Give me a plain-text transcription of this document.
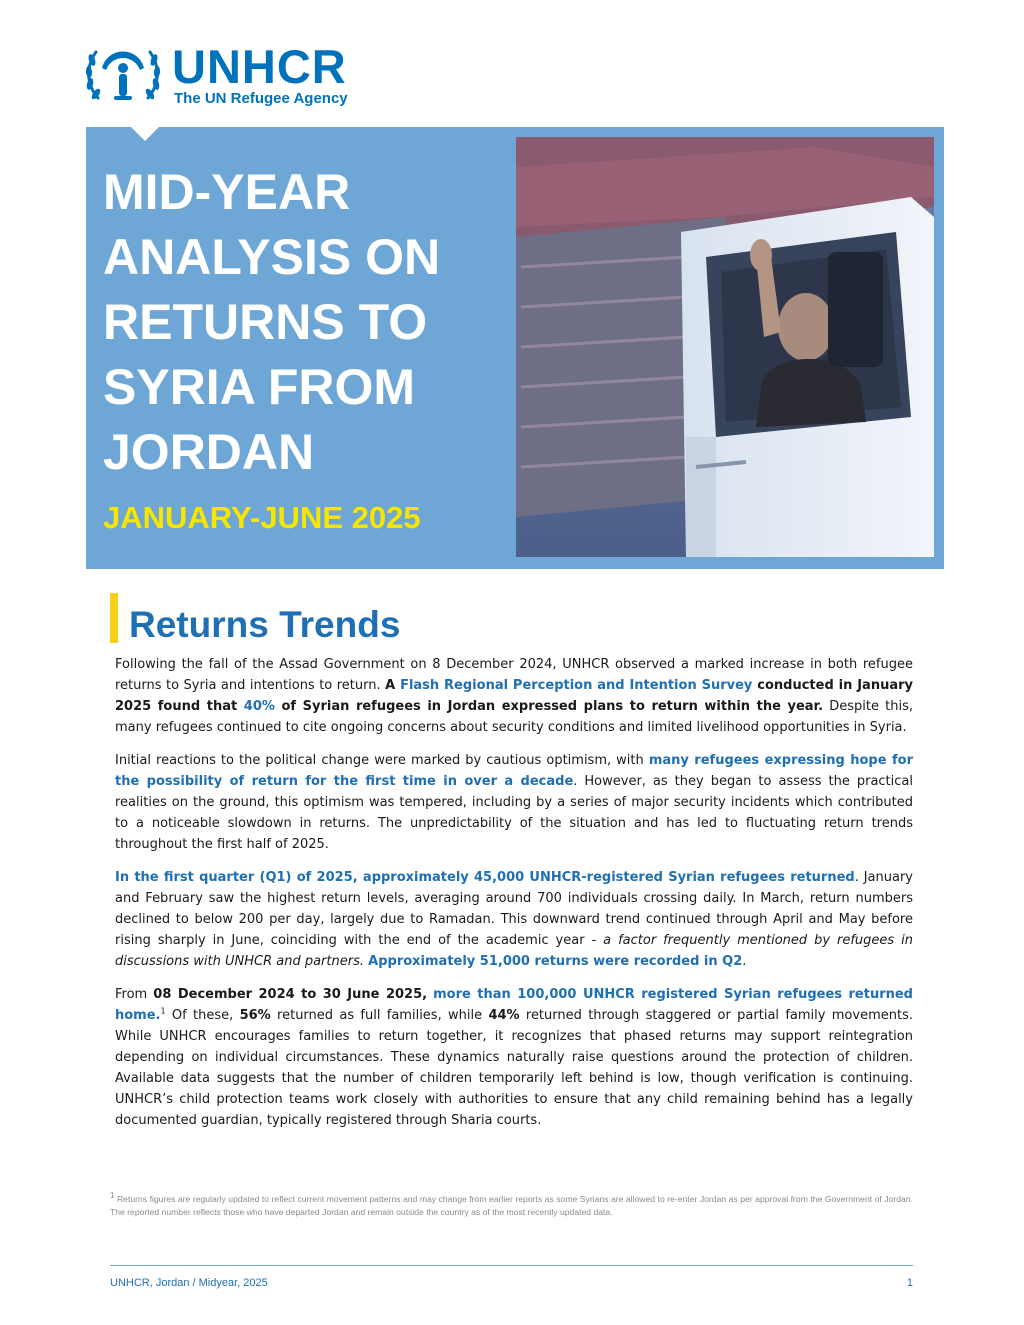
UNHCR
The UN Refugee Agency
MID-YEAR
ANALYSIS ON
RETURNS TO
SYRIA FROM
JORDAN
JANUARY-JUNE 2025
Returns Trends

Following the fall of the Assad Government on 8 December 2024, UNHCR observed a marked increase in both refugee returns to Syria and intentions to return. A Flash Regional Perception and Intention Survey conducted in January 2025 found that 40% of Syrian refugees in Jordan expressed plans to return within the year. Despite this, many refugees continued to cite ongoing concerns about security conditions and limited livelihood opportunities in Syria.

Initial reactions to the political change were marked by cautious optimism, with many refugees expressing hope for the possibility of return for the first time in over a decade. However, as they began to assess the practical realities on the ground, this optimism was tempered, including by a series of major security incidents which contributed to a noticeable slowdown in returns. The unpredictability of the situation and has led to fluctuating return trends throughout the first half of 2025.

In the first quarter (Q1) of 2025, approximately 45,000 UNHCR-registered Syrian refugees returned. January and February saw the highest return levels, averaging around 700 individuals crossing daily. In March, return numbers declined to below 200 per day, largely due to Ramadan. This downward trend continued through April and May before rising sharply in June, coinciding with the end of the academic year - a factor frequently mentioned by refugees in discussions with UNHCR and partners. Approximately 51,000 returns were recorded in Q2.

From 08 December 2024 to 30 June 2025, more than 100,000 UNHCR registered Syrian refugees returned home.$^1$ Of these, 56% returned as full families, while 44% returned through staggered or partial family movements. While UNHCR encourages families to return together, it recognizes that phased returns may support reintegration depending on individual circumstances. These dynamics naturally raise questions around the protection of children. Available data suggests that the number of children temporarily left behind is low, though verification is continuing. UNHCR’s child protection teams work closely with authorities to ensure that any child remaining behind has a legally documented guardian, typically registered through Sharia courts.

$^1$ Returns figures are regularly updated to reflect current movement patterns and may change from earlier reports as some Syrians are allowed to re-enter Jordan as per approval from the Government of Jordan. The reported number reflects those who have departed Jordan and remain outside the country as of the most recently updated data.
UNHCR, Jordan / Midyear, 2025	1
